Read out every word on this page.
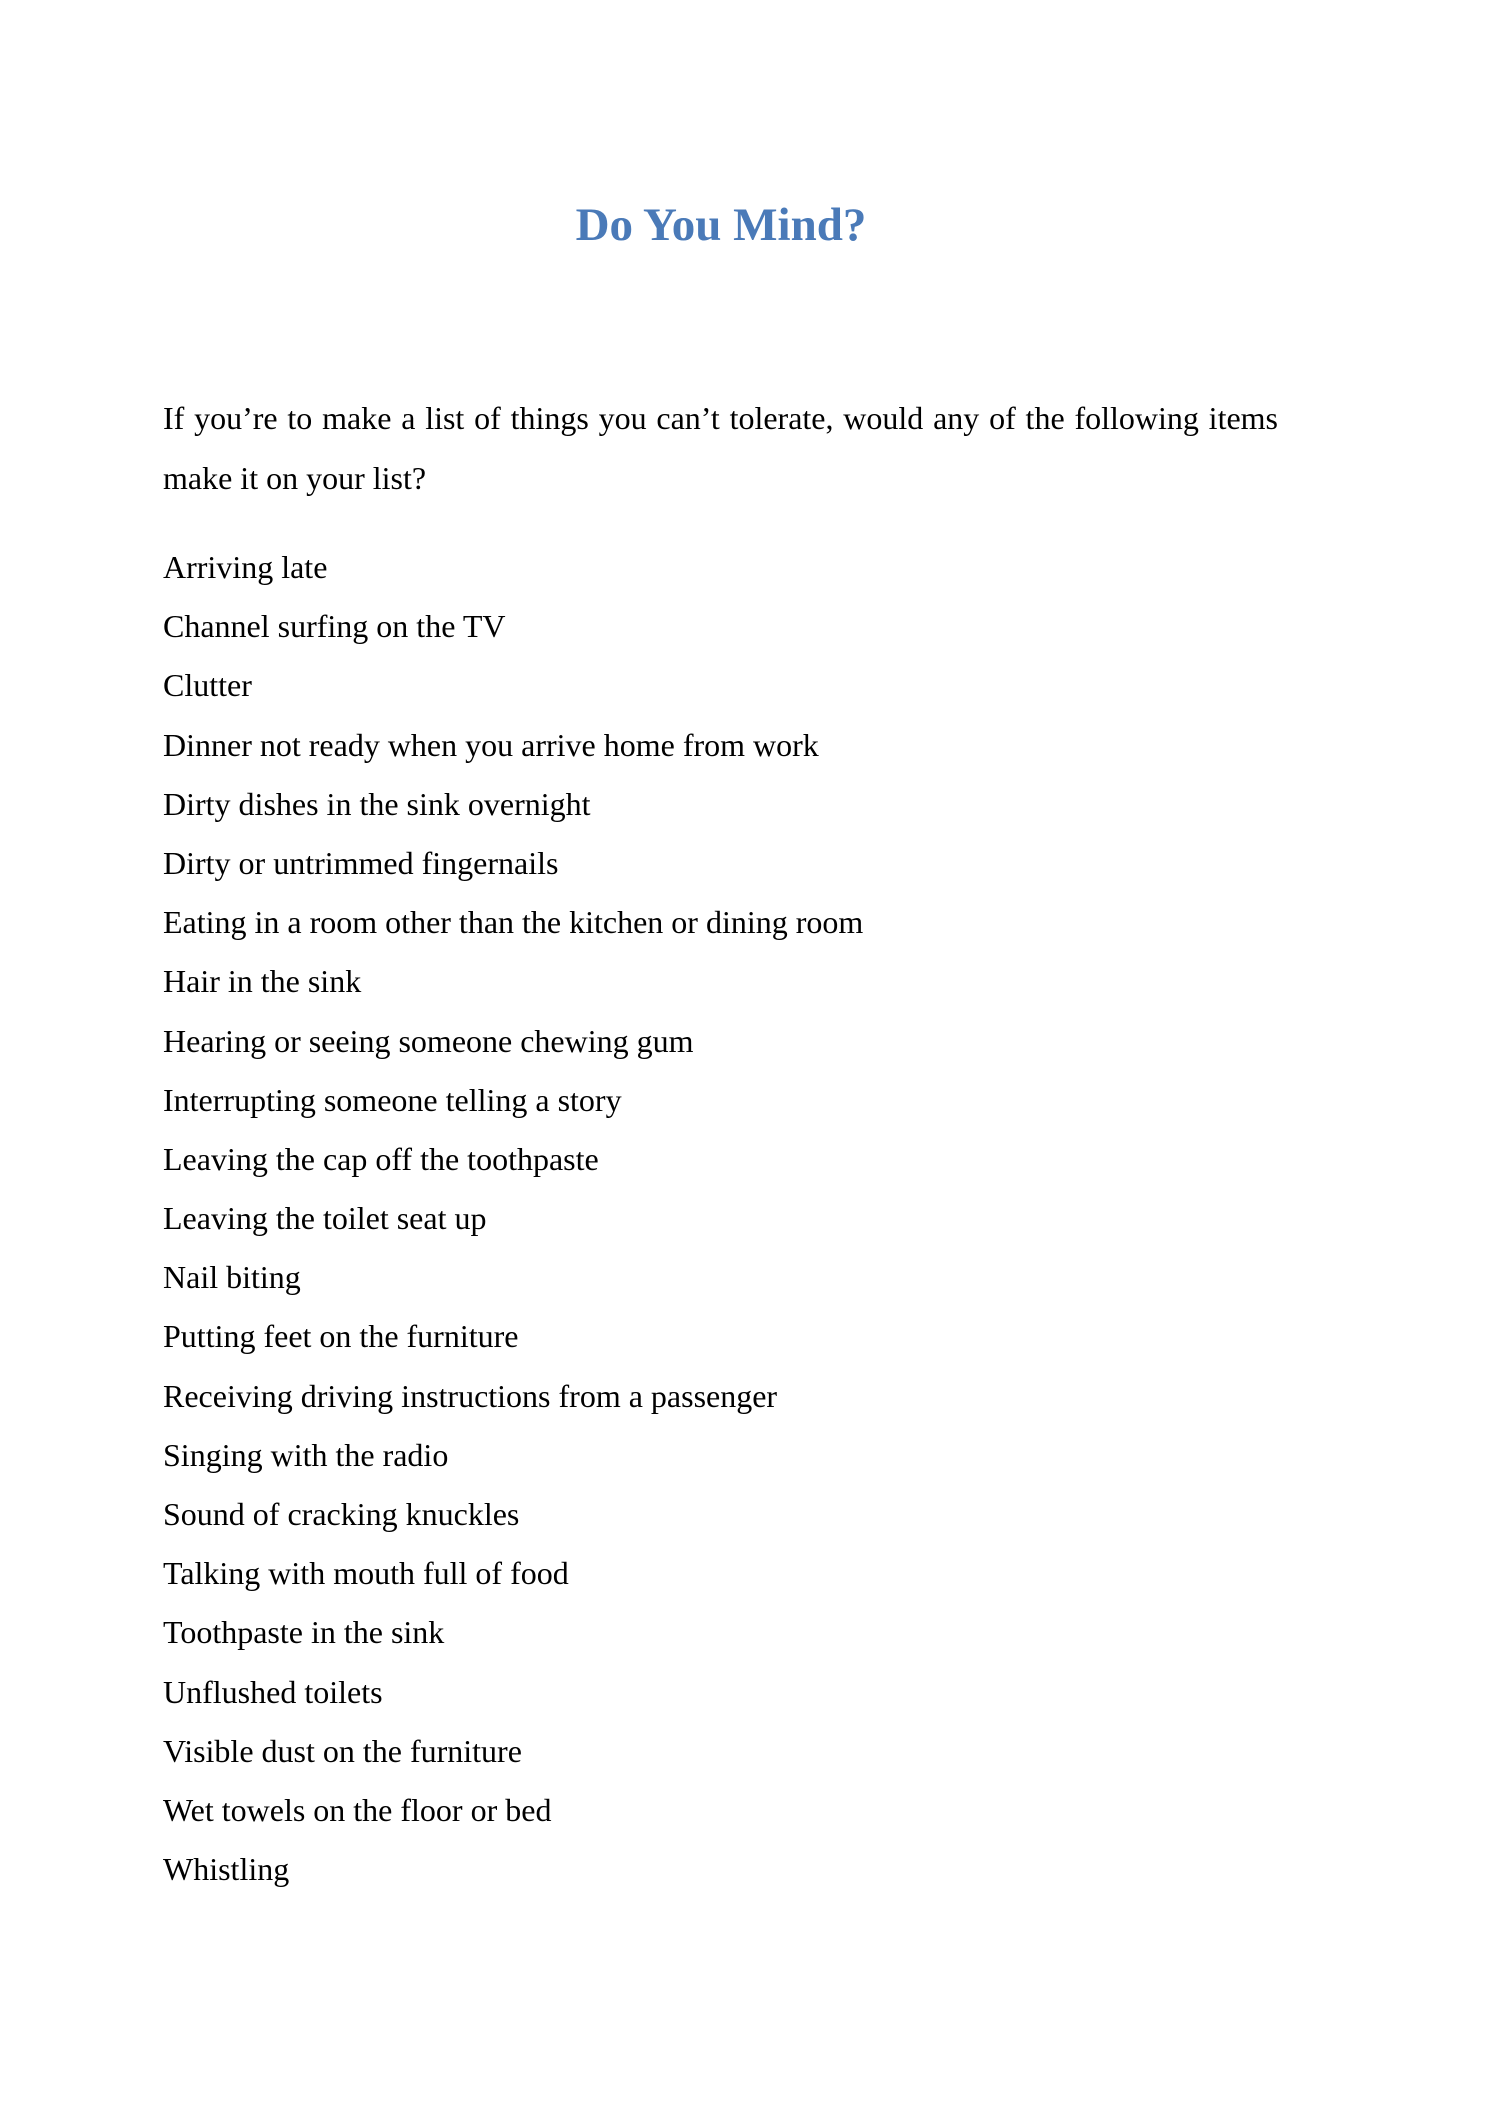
Do You Mind?

If you’re to make a list of things you can’t tolerate, would any of the following items make it on your list?

Arriving late
Channel surfing on the TV
Clutter
Dinner not ready when you arrive home from work
Dirty dishes in the sink overnight
Dirty or untrimmed fingernails
Eating in a room other than the kitchen or dining room
Hair in the sink
Hearing or seeing someone chewing gum
Interrupting someone telling a story
Leaving the cap off the toothpaste
Leaving the toilet seat up
Nail biting
Putting feet on the furniture
Receiving driving instructions from a passenger
Singing with the radio
Sound of cracking knuckles
Talking with mouth full of food
Toothpaste in the sink
Unflushed toilets
Visible dust on the furniture
Wet towels on the floor or bed
Whistling
